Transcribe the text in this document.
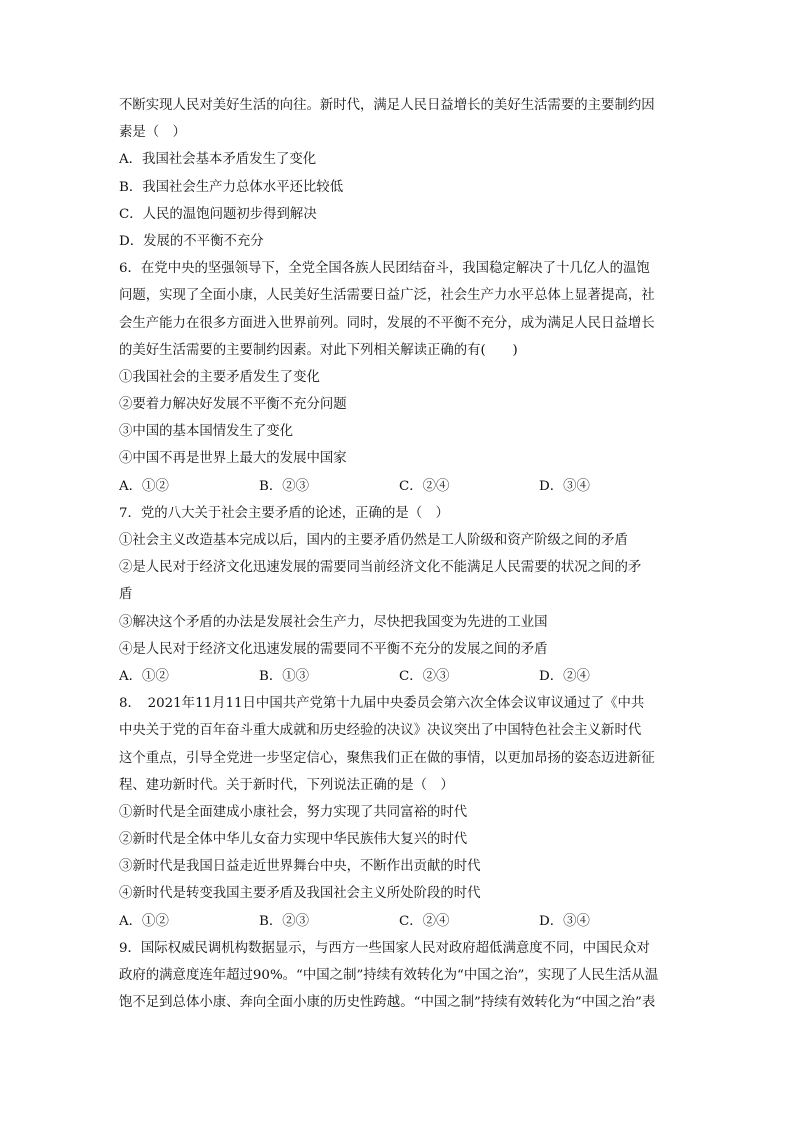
不断实现人民对美好生活的向往。新时代，满足人民日益增长的美好生活需要的主要制约因
素是（　）
A．我国社会基本矛盾发生了变化
B．我国社会生产力总体水平还比较低
C．人民的温饱问题初步得到解决
D．发展的不平衡不充分
6．在党中央的坚强领导下，全党全国各族人民团结奋斗，我国稳定解决了十几亿人的温饱
问题，实现了全面小康，人民美好生活需要日益广泛，社会生产力水平总体上显著提高，社
会生产能力在很多方面进入世界前列。同时，发展的不平衡不充分，成为满足人民日益增长
的美好生活需要的主要制约因素。对此下列相关解读正确的有(　　)
①我国社会的主要矛盾发生了变化
②要着力解决好发展不平衡不充分问题
③中国的基本国情发生了变化
④中国不再是世界上最大的发展中国家
A．①②	B．②③	C．②④	D．③④
7．党的八大关于社会主要矛盾的论述，正确的是（　）
①社会主义改造基本完成以后，国内的主要矛盾仍然是工人阶级和资产阶级之间的矛盾
②是人民对于经济文化迅速发展的需要同当前经济文化不能满足人民需要的状况之间的矛
盾
③解决这个矛盾的办法是发展社会生产力，尽快把我国变为先进的工业国
④是人民对于经济文化迅速发展的需要同不平衡不充分的发展之间的矛盾
A．①②	B．①③	C．②③	D．②④
8．　2021年11月11日中国共产党第十九届中央委员会第六次全体会议审议通过了《中共
中央关于党的百年奋斗重大成就和历史经验的决议》决议突出了中国特色社会主义新时代
这个重点，引导全党进一步坚定信心，聚焦我们正在做的事情，以更加昂扬的姿态迈进新征
程、建功新时代。关于新时代，下列说法正确的是（　）
①新时代是全面建成小康社会，努力实现了共同富裕的时代
②新时代是全体中华儿女奋力实现中华民族伟大复兴的时代
③新时代是我国日益走近世界舞台中央，不断作出贡献的时代
④新时代是转变我国主要矛盾及我国社会主义所处阶段的时代
A．①②	B．②③	C．②④	D．③④
9．国际权威民调机构数据显示，与西方一些国家人民对政府超低满意度不同，中国民众对
政府的满意度连年超过90%。“中国之制”持续有效转化为“中国之治”，实现了人民生活从温
饱不足到总体小康、奔向全面小康的历史性跨越。“中国之制”持续有效转化为“中国之治”表
